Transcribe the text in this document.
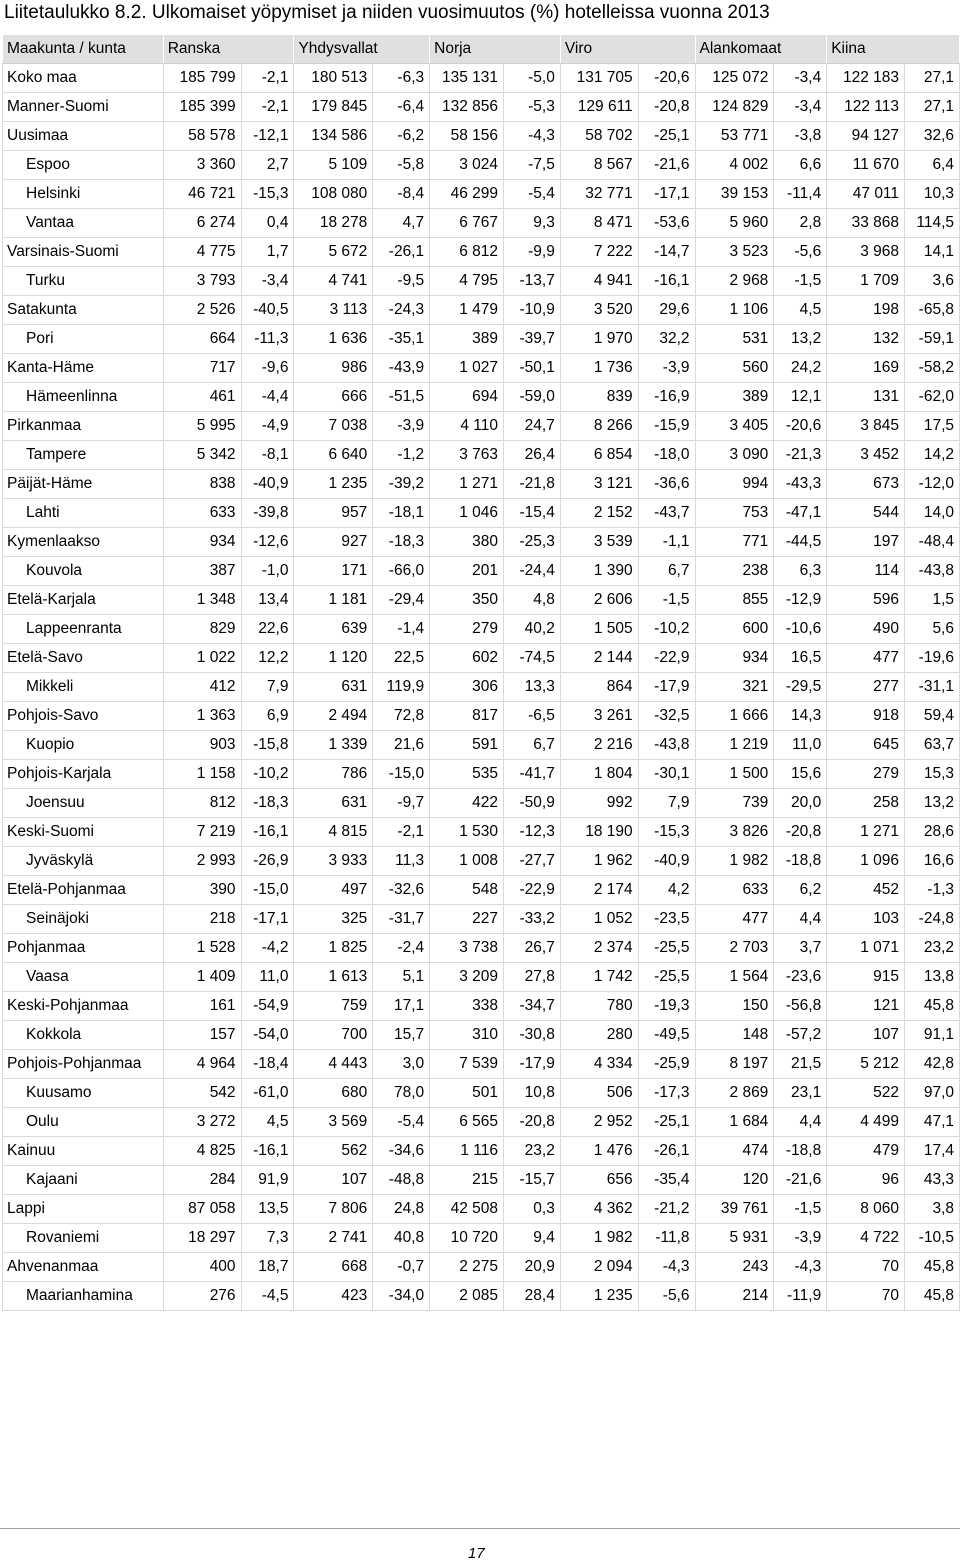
Liitetaulukko 8.2. Ulkomaiset yöpymiset ja niiden vuosimuutos (%) hotelleissa vuonna 2013
Maakunta / kunta	Ranska		Yhdysvallat		Norja		Viro		Alankomaat		Kiina	
Koko maa	185 799	-2,1	180 513	-6,3	135 131	-5,0	131 705	-20,6	125 072	-3,4	122 183	27,1
Manner-Suomi	185 399	-2,1	179 845	-6,4	132 856	-5,3	129 611	-20,8	124 829	-3,4	122 113	27,1
Uusimaa	58 578	-12,1	134 586	-6,2	58 156	-4,3	58 702	-25,1	53 771	-3,8	94 127	32,6
Espoo	3 360	2,7	5 109	-5,8	3 024	-7,5	8 567	-21,6	4 002	6,6	11 670	6,4
Helsinki	46 721	-15,3	108 080	-8,4	46 299	-5,4	32 771	-17,1	39 153	-11,4	47 011	10,3
Vantaa	6 274	0,4	18 278	4,7	6 767	9,3	8 471	-53,6	5 960	2,8	33 868	114,5
Varsinais-Suomi	4 775	1,7	5 672	-26,1	6 812	-9,9	7 222	-14,7	3 523	-5,6	3 968	14,1
Turku	3 793	-3,4	4 741	-9,5	4 795	-13,7	4 941	-16,1	2 968	-1,5	1 709	3,6
Satakunta	2 526	-40,5	3 113	-24,3	1 479	-10,9	3 520	29,6	1 106	4,5	198	-65,8
Pori	664	-11,3	1 636	-35,1	389	-39,7	1 970	32,2	531	13,2	132	-59,1
Kanta-Häme	717	-9,6	986	-43,9	1 027	-50,1	1 736	-3,9	560	24,2	169	-58,2
Hämeenlinna	461	-4,4	666	-51,5	694	-59,0	839	-16,9	389	12,1	131	-62,0
Pirkanmaa	5 995	-4,9	7 038	-3,9	4 110	24,7	8 266	-15,9	3 405	-20,6	3 845	17,5
Tampere	5 342	-8,1	6 640	-1,2	3 763	26,4	6 854	-18,0	3 090	-21,3	3 452	14,2
Päijät-Häme	838	-40,9	1 235	-39,2	1 271	-21,8	3 121	-36,6	994	-43,3	673	-12,0
Lahti	633	-39,8	957	-18,1	1 046	-15,4	2 152	-43,7	753	-47,1	544	14,0
Kymenlaakso	934	-12,6	927	-18,3	380	-25,3	3 539	-1,1	771	-44,5	197	-48,4
Kouvola	387	-1,0	171	-66,0	201	-24,4	1 390	6,7	238	6,3	114	-43,8
Etelä-Karjala	1 348	13,4	1 181	-29,4	350	4,8	2 606	-1,5	855	-12,9	596	1,5
Lappeenranta	829	22,6	639	-1,4	279	40,2	1 505	-10,2	600	-10,6	490	5,6
Etelä-Savo	1 022	12,2	1 120	22,5	602	-74,5	2 144	-22,9	934	16,5	477	-19,6
Mikkeli	412	7,9	631	119,9	306	13,3	864	-17,9	321	-29,5	277	-31,1
Pohjois-Savo	1 363	6,9	2 494	72,8	817	-6,5	3 261	-32,5	1 666	14,3	918	59,4
Kuopio	903	-15,8	1 339	21,6	591	6,7	2 216	-43,8	1 219	11,0	645	63,7
Pohjois-Karjala	1 158	-10,2	786	-15,0	535	-41,7	1 804	-30,1	1 500	15,6	279	15,3
Joensuu	812	-18,3	631	-9,7	422	-50,9	992	7,9	739	20,0	258	13,2
Keski-Suomi	7 219	-16,1	4 815	-2,1	1 530	-12,3	18 190	-15,3	3 826	-20,8	1 271	28,6
Jyväskylä	2 993	-26,9	3 933	11,3	1 008	-27,7	1 962	-40,9	1 982	-18,8	1 096	16,6
Etelä-Pohjanmaa	390	-15,0	497	-32,6	548	-22,9	2 174	4,2	633	6,2	452	-1,3
Seinäjoki	218	-17,1	325	-31,7	227	-33,2	1 052	-23,5	477	4,4	103	-24,8
Pohjanmaa	1 528	-4,2	1 825	-2,4	3 738	26,7	2 374	-25,5	2 703	3,7	1 071	23,2
Vaasa	1 409	11,0	1 613	5,1	3 209	27,8	1 742	-25,5	1 564	-23,6	915	13,8
Keski-Pohjanmaa	161	-54,9	759	17,1	338	-34,7	780	-19,3	150	-56,8	121	45,8
Kokkola	157	-54,0	700	15,7	310	-30,8	280	-49,5	148	-57,2	107	91,1
Pohjois-Pohjanmaa	4 964	-18,4	4 443	3,0	7 539	-17,9	4 334	-25,9	8 197	21,5	5 212	42,8
Kuusamo	542	-61,0	680	78,0	501	10,8	506	-17,3	2 869	23,1	522	97,0
Oulu	3 272	4,5	3 569	-5,4	6 565	-20,8	2 952	-25,1	1 684	4,4	4 499	47,1
Kainuu	4 825	-16,1	562	-34,6	1 116	23,2	1 476	-26,1	474	-18,8	479	17,4
Kajaani	284	91,9	107	-48,8	215	-15,7	656	-35,4	120	-21,6	96	43,3
Lappi	87 058	13,5	7 806	24,8	42 508	0,3	4 362	-21,2	39 761	-1,5	8 060	3,8
Rovaniemi	18 297	7,3	2 741	40,8	10 720	9,4	1 982	-11,8	5 931	-3,9	4 722	-10,5
Ahvenanmaa	400	18,7	668	-0,7	2 275	20,9	2 094	-4,3	243	-4,3	70	45,8
Maarianhamina	276	-4,5	423	-34,0	2 085	28,4	1 235	-5,6	214	-11,9	70	45,8
17
